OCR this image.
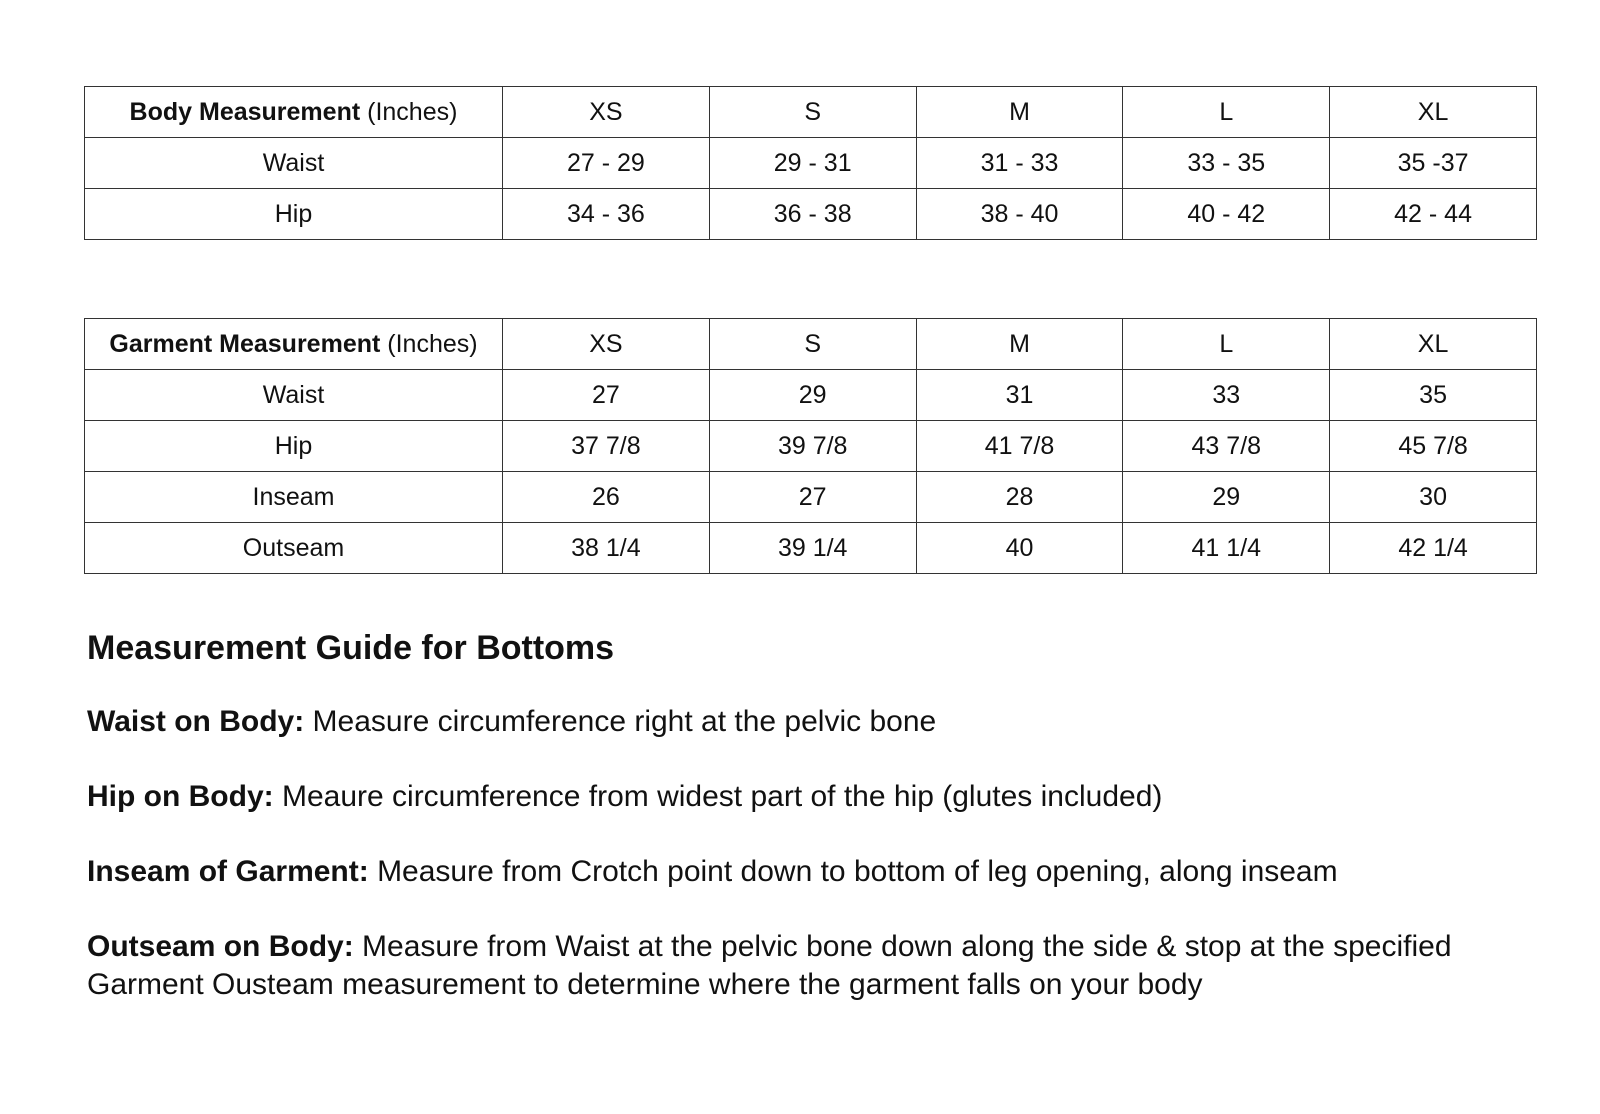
Body Measurement (Inches)	XS	S	M	L	XL
Waist	27 - 29	29 - 31	31 - 33	33 - 35	35 -37
Hip	34 - 36	36 - 38	38 - 40	40 - 42	42 - 44
Garment Measurement (Inches)	XS	S	M	L	XL
Waist	27	29	31	33	35
Hip	37 7/8	39 7/8	41 7/8	43 7/8	45 7/8
Inseam	26	27	28	29	30
Outseam	38 1/4	39 1/4	40	41 1/4	42 1/4
Measurement Guide for Bottoms
Waist on Body: Measure circumference right at the pelvic bone
Hip on Body: Meaure circumference from widest part of the hip (glutes included)
Inseam of Garment: Measure from Crotch point down to bottom of leg opening, along inseam
Outseam on Body: Measure from Waist at the pelvic bone down along the side & stop at the specified Garment Ousteam measurement to determine where the garment falls on your body
